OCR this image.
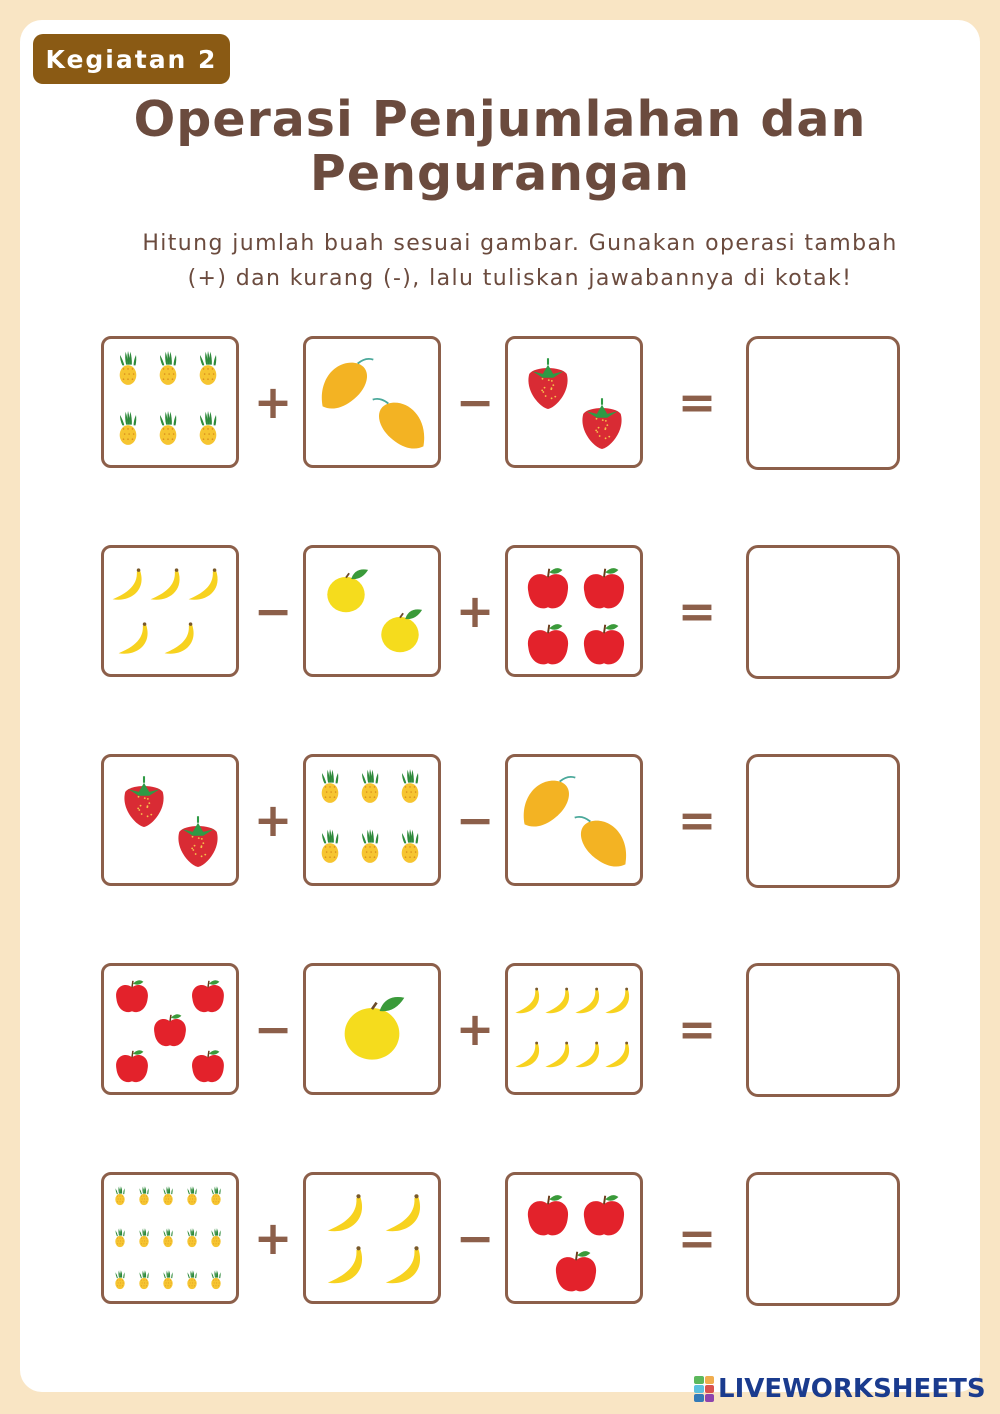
Kegiatan 2
Operasi Penjumlahan dan Pengurangan
Hitung jumlah buah sesuai gambar. Gunakan operasi tambah
(+) dan kurang (-), lalu tuliskan jawabannya di kotak!
+	−	=
−	+	=
+	−	=
−	+	=
+	−	=
LIVEWORKSHEETS
